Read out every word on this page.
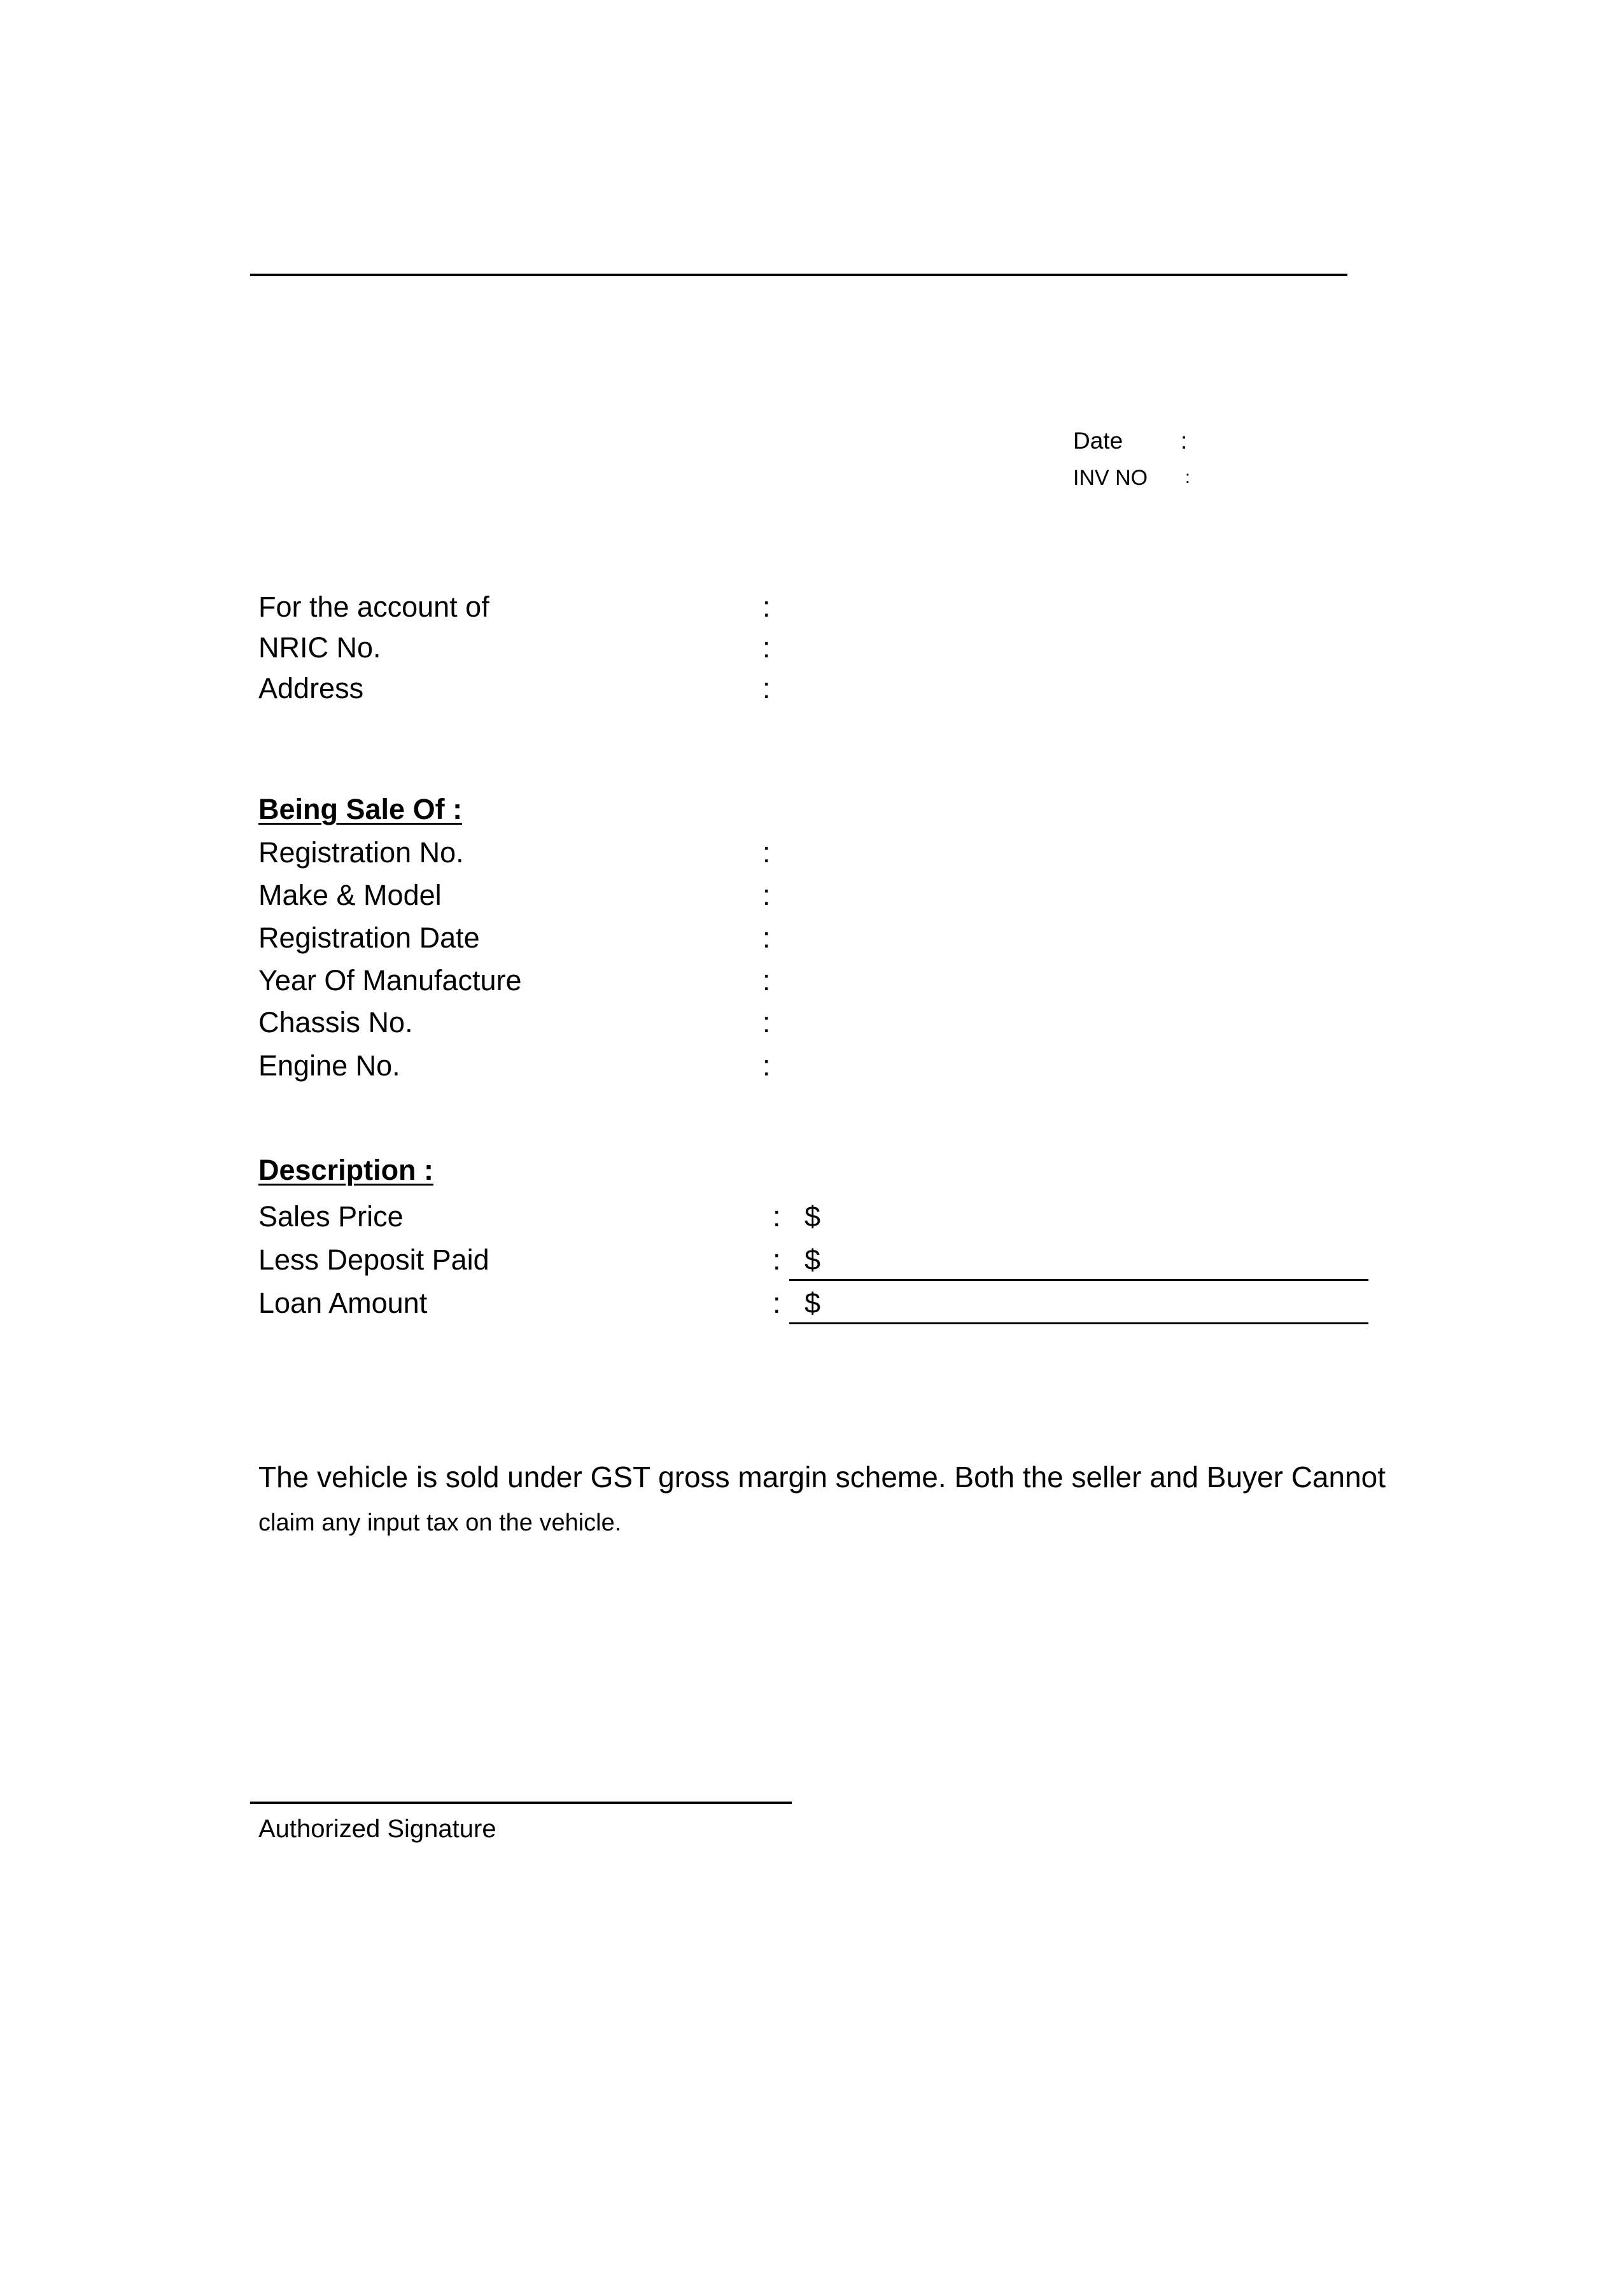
Date :
INV NO :
For the account of	:
NRIC No.	:
Address	:
Being Sale Of :
Registration No.	:
Make & Model	:
Registration Date	:
Year Of Manufacture	:
Chassis No.	:
Engine No.	:
Description :
Sales Price	: $
Less Deposit Paid	: $
Loan Amount	: $
The vehicle is sold under GST gross margin scheme. Both the seller and Buyer Cannot
claim any input tax on the vehicle.
Authorized Signature
